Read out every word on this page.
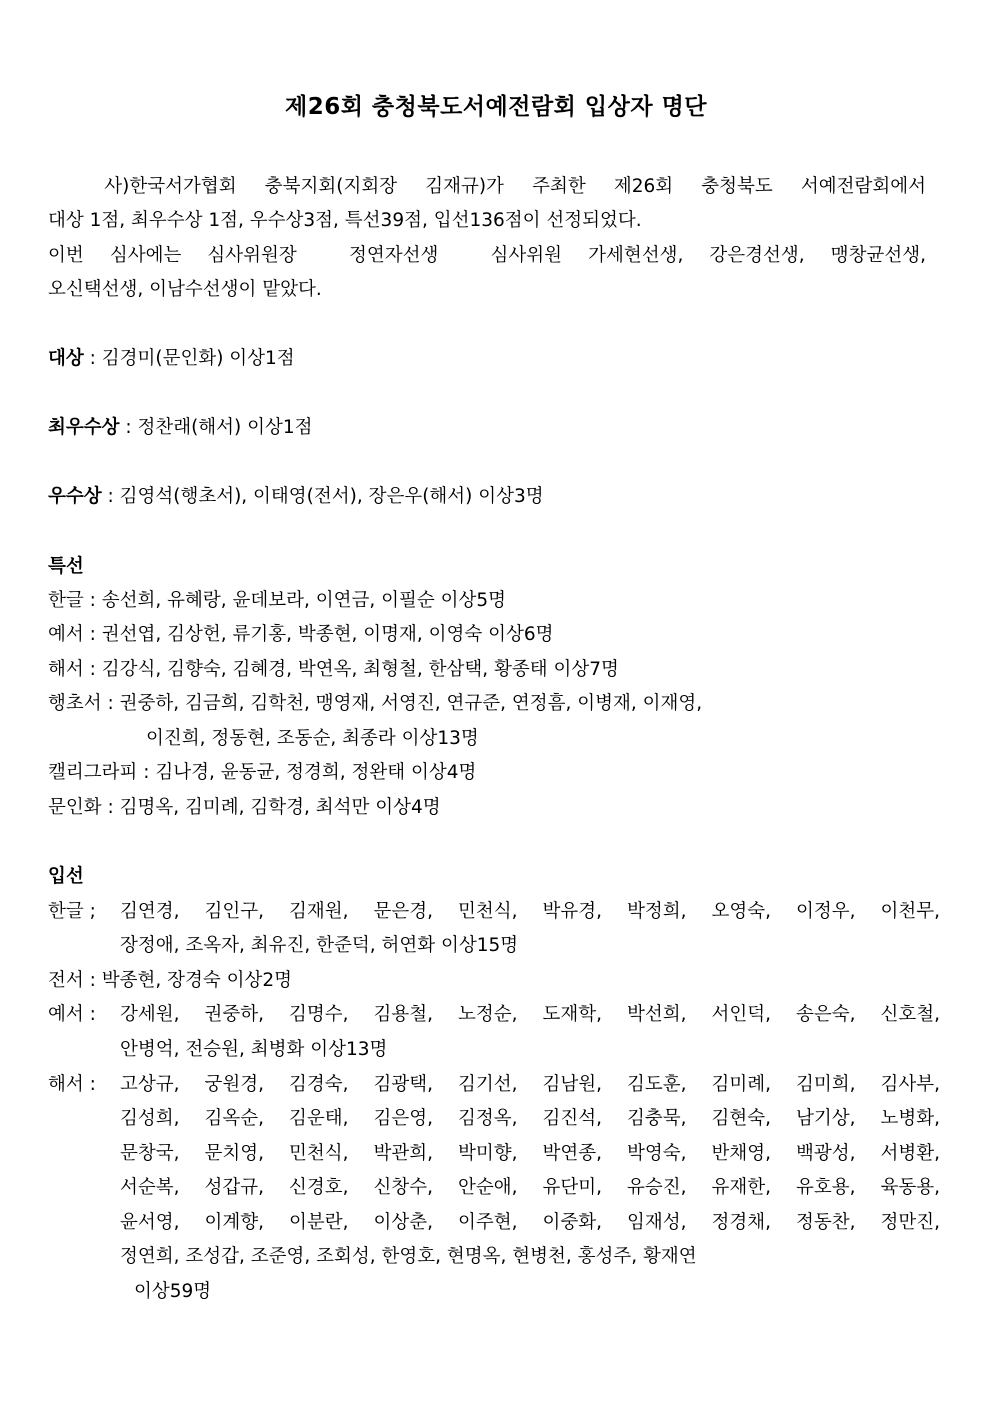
제26회 충청북도서예전람회 입상자 명단
사)한국서가협회 충북지회(지회장 김재규)가 주최한 제26회 충청북도 서예전람회에서
대상 1점, 최우수상 1점, 우수상3점, 특선39점, 입선136점이 선정되었다.
이번 심사에는 심사위원장  정연자선생  심사위원 가세현선생, 강은경선생, 맹창균선생,
오신택선생, 이남수선생이 맡았다.
대상 : 김경미(문인화) 이상1점
최우수상 : 정찬래(해서) 이상1점
우수상 : 김영석(행초서), 이태영(전서), 장은우(해서) 이상3명
특선
한글 : 송선희, 유혜랑, 윤데보라, 이연금, 이필순 이상5명
예서 : 권선엽, 김상헌, 류기홍, 박종현, 이명재, 이영숙 이상6명
해서 : 김강식, 김향숙, 김혜경, 박연옥, 최형철, 한삼택, 황종태 이상7명
행초서 : 권중하, 김금희, 김학천, 맹영재, 서영진, 연규준, 연정흠, 이병재, 이재영,
이진희, 정동현, 조동순, 최종라 이상13명
캘리그라피 : 김나경, 윤동균, 정경희, 정완태 이상4명
문인화 : 김명옥, 김미례, 김학경, 최석만 이상4명
입선
한글 ; 김연경, 김인구, 김재원, 문은경, 민천식, 박유경, 박정희, 오영숙, 이정우, 이천무,
장정애, 조옥자, 최유진, 한준덕, 허연화 이상15명
전서 : 박종현, 장경숙 이상2명
예서 : 강세원, 권중하, 김명수, 김용철, 노정순, 도재학, 박선희, 서인덕, 송은숙, 신호철,
안병억, 전승원, 최병화 이상13명
해서 : 고상규, 궁원경, 김경숙, 김광택, 김기선, 김남원, 김도훈, 김미례, 김미희, 김사부,
김성희, 김옥순, 김운태, 김은영, 김정옥, 김진석, 김충묵, 김현숙, 남기상, 노병화,
문창국, 문치영, 민천식, 박관희, 박미향, 박연종, 박영숙, 반채영, 백광성, 서병환,
서순복, 성갑규, 신경호, 신창수, 안순애, 유단미, 유승진, 유재한, 유호용, 육동용,
윤서영, 이계향, 이분란, 이상춘, 이주현, 이중화, 임재성, 정경채, 정동찬, 정만진,
정연희, 조성갑, 조준영, 조회성, 한영호, 현명옥, 현병천, 홍성주, 황재연
이상59명
